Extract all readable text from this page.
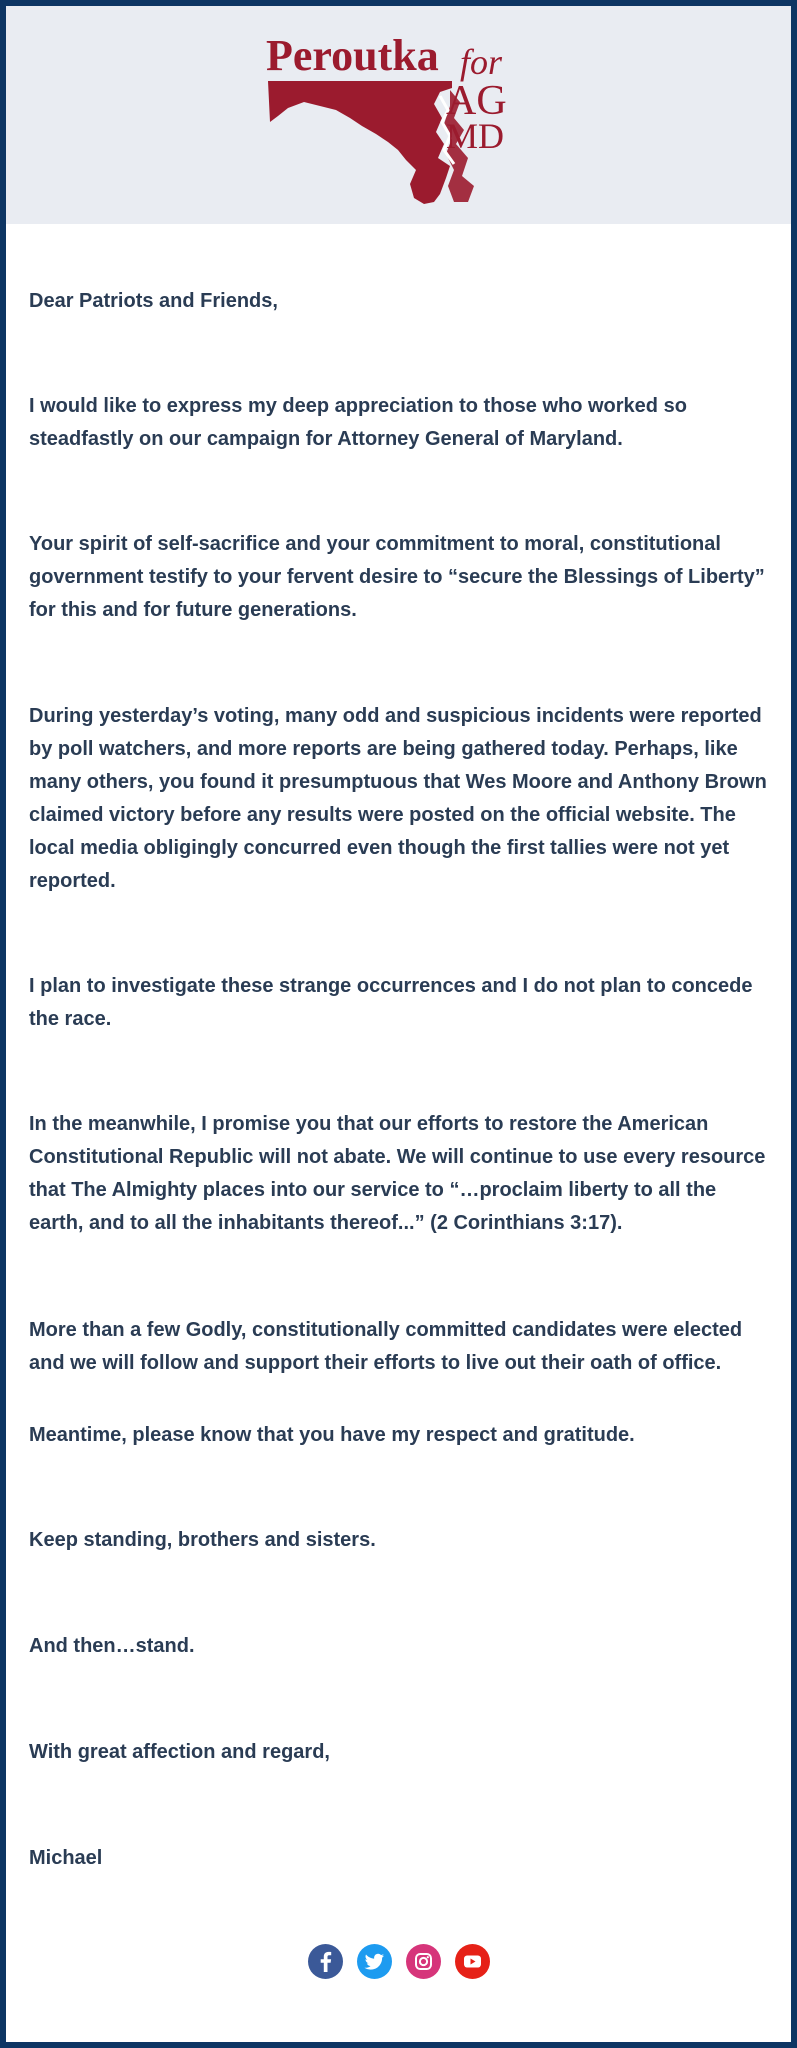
Peroutka for
AG
MD

Dear Patriots and Friends,

I would like to express my deep appreciation to those who worked so steadfastly on our campaign for Attorney General of Maryland.

Your spirit of self-sacrifice and your commitment to moral, constitutional government testify to your fervent desire to “secure the Blessings of Liberty” for this and for future generations.

During yesterday’s voting, many odd and suspicious incidents were reported by poll watchers, and more reports are being gathered today. Perhaps, like many others, you found it presumptuous that Wes Moore and Anthony Brown claimed victory before any results were posted on the official website. The local media obligingly concurred even though the first tallies were not yet reported.

I plan to investigate these strange occurrences and I do not plan to concede the race.

In the meanwhile, I promise you that our efforts to restore the American Constitutional Republic will not abate. We will continue to use every resource that The Almighty places into our service to “…proclaim liberty to all the earth, and to all the inhabitants thereof...” (2 Corinthians 3:17).

More than a few Godly, constitutionally committed candidates were elected and we will follow and support their efforts to live out their oath of office.

Meantime, please know that you have my respect and gratitude.

Keep standing, brothers and sisters.

And then…stand.

With great affection and regard,

Michael
